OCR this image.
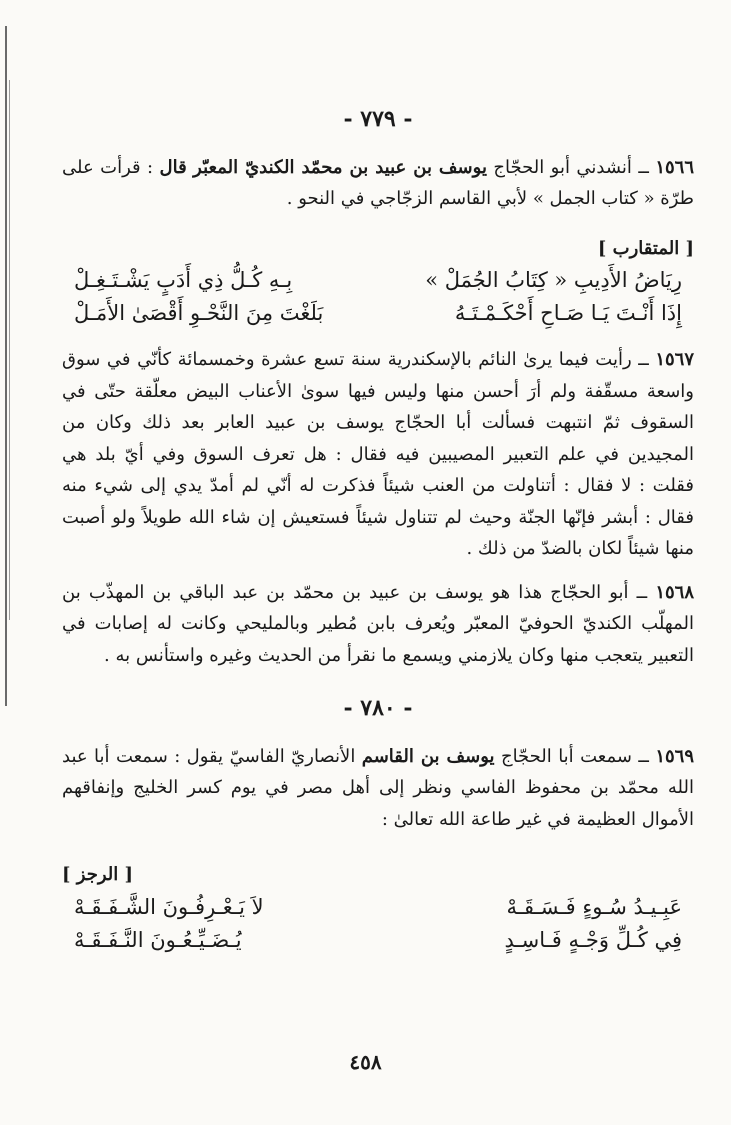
- ٧٧٩ -

١٥٦٦ ــ أنشدني أبو الحجّاج يوسف بن عبيد بن محمّد الكنديّ المعبّر قال : قرأت على طرّة « كتاب الجمل » لأبي القاسم الزجّاجي في النحو .

[ المتقارب ]
رِيَاضُ الأَدِيبِ « كِتَابُ الجُمَلْ »
بِـهِ كُـلُّ ذِي أَدَبٍ يَشْـتَـغِـلْ
إِذَا أَنْـتَ يَـا صَـاحِ أَحْكَـمْـتَـهُ
بَلَغْتَ مِنَ النَّحْـوِ أَقْصَىٰ الأَمَـلْ

١٥٦٧ ــ رأيت فيما يرىٰ النائم بالإسكندرية سنة تسع عشرة وخمسمائة كأنّي في سوق واسعة مسقّفة ولم أرَ أحسن منها وليس فيها سوىٰ الأعناب البيض معلّقة حتّى في السقوف ثمّ انتبهت فسألت أبا الحجّاج يوسف بن عبيد العابر بعد ذلك وكان من المجيدين في علم التعبير المصيبين فيه فقال : هل تعرف السوق وفي أيّ بلد هي فقلت : لا فقال : أتناولت من العنب شيئاً فذكرت له أنّي لم أمدّ يدي إلى شيء منه فقال : أبشر فإنّها الجنّة وحيث لم تتناول شيئاً فستعيش إن شاء الله طويلاً ولو أصبت منها شيئاً لكان بالضدّ من ذلك .

١٥٦٨ ــ أبو الحجّاج هذا هو يوسف بن عبيد بن محمّد بن عبد الباقي بن المهذّب بن المهلّب الكنديّ الحوفيّ المعبّر ويُعرف بابن مُطير وبالمليحي وكانت له إصابات في التعبير يتعجب منها وكان يلازمني ويسمع ما نقرأ من الحديث وغيره واستأنس به .

- ٧٨٠ -

١٥٦٩ ــ سمعت أبا الحجّاج يوسف بن القاسم الأنصاريّ الفاسيّ يقول : سمعت أبا عبد الله محمّد بن محفوظ الفاسي ونظر إلى أهل مصر في يوم كسر الخليج وإنفاقهم الأموال العظيمة في غير طاعة الله تعالىٰ :

[ الرجز ]
عَبِـيـدُ سُـوءٍ فَـسَـقَـهْ
لاَ يَـعْـرِفُـونَ الشَّـفَـقَـهْ
فِي كُـلِّ وَجْـهٍ فَـاسِـدٍ
يُـضَـيِّـعُـونَ النَّـفَـقَـهْ
٤٥٨
